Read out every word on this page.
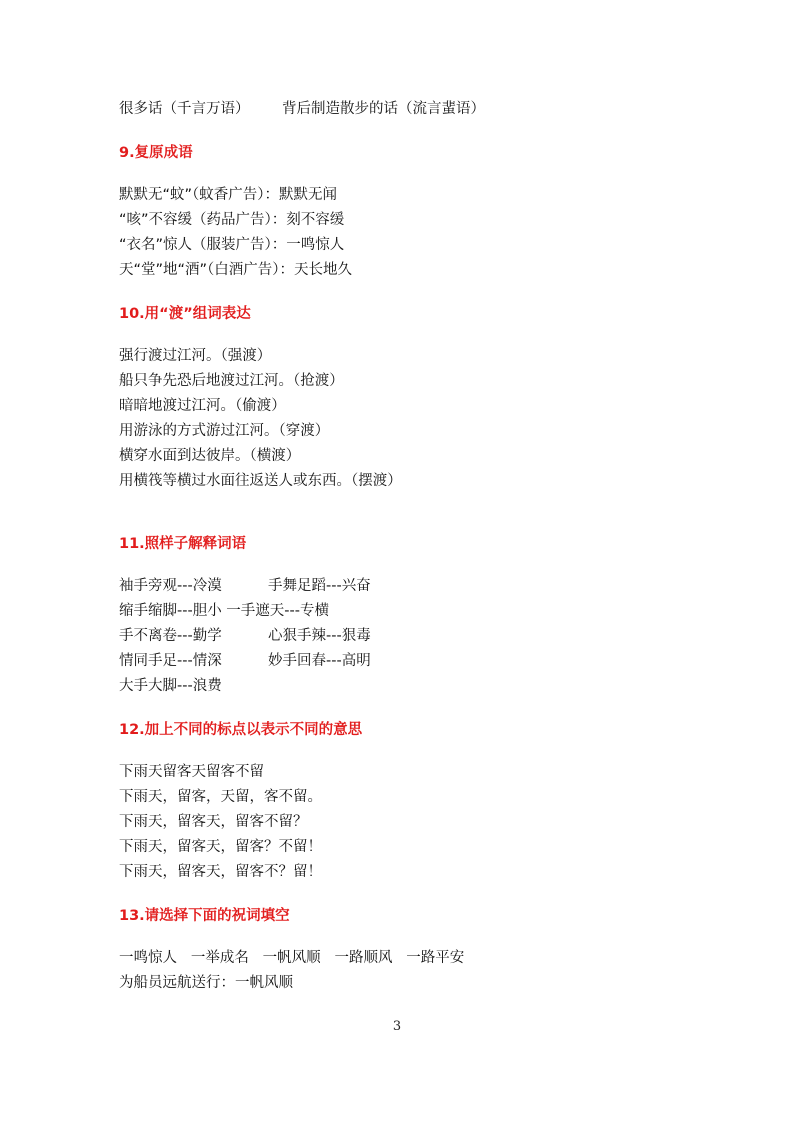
很多话（千言万语） 背后制造散步的话（流言蜚语）
9.复原成语
默默无“蚊”（蚊香广告）：默默无闻
“咳”不容缓（药品广告）：刻不容缓
“衣名”惊人（服装广告）：一鸣惊人
天“堂”地“酒”（白酒广告）：天长地久
10.用“渡”组词表达
强行渡过江河。（强渡）
船只争先恐后地渡过江河。（抢渡）
暗暗地渡过江河。（偷渡）
用游泳的方式游过江河。（穿渡）
横穿水面到达彼岸。（横渡）
用横筏等横过水面往返送人或东西。（摆渡）
11.照样子解释词语
袖手旁观---冷漠	手舞足蹈---兴奋
缩手缩脚---胆小 一手遮天---专横
手不离卷---勤学	心狠手辣---狠毒
情同手足---情深	妙手回春---高明
大手大脚---浪费
12.加上不同的标点以表示不同的意思
下雨天留客天留客不留
下雨天，留客，天留，客不留。
下雨天，留客天，留客不留？
下雨天，留客天，留客？不留！
下雨天，留客天，留客不？留！
13.请选择下面的祝词填空
一鸣惊人   一举成名   一帆风顺   一路顺风   一路平安
为船员远航送行：一帆风顺
3
